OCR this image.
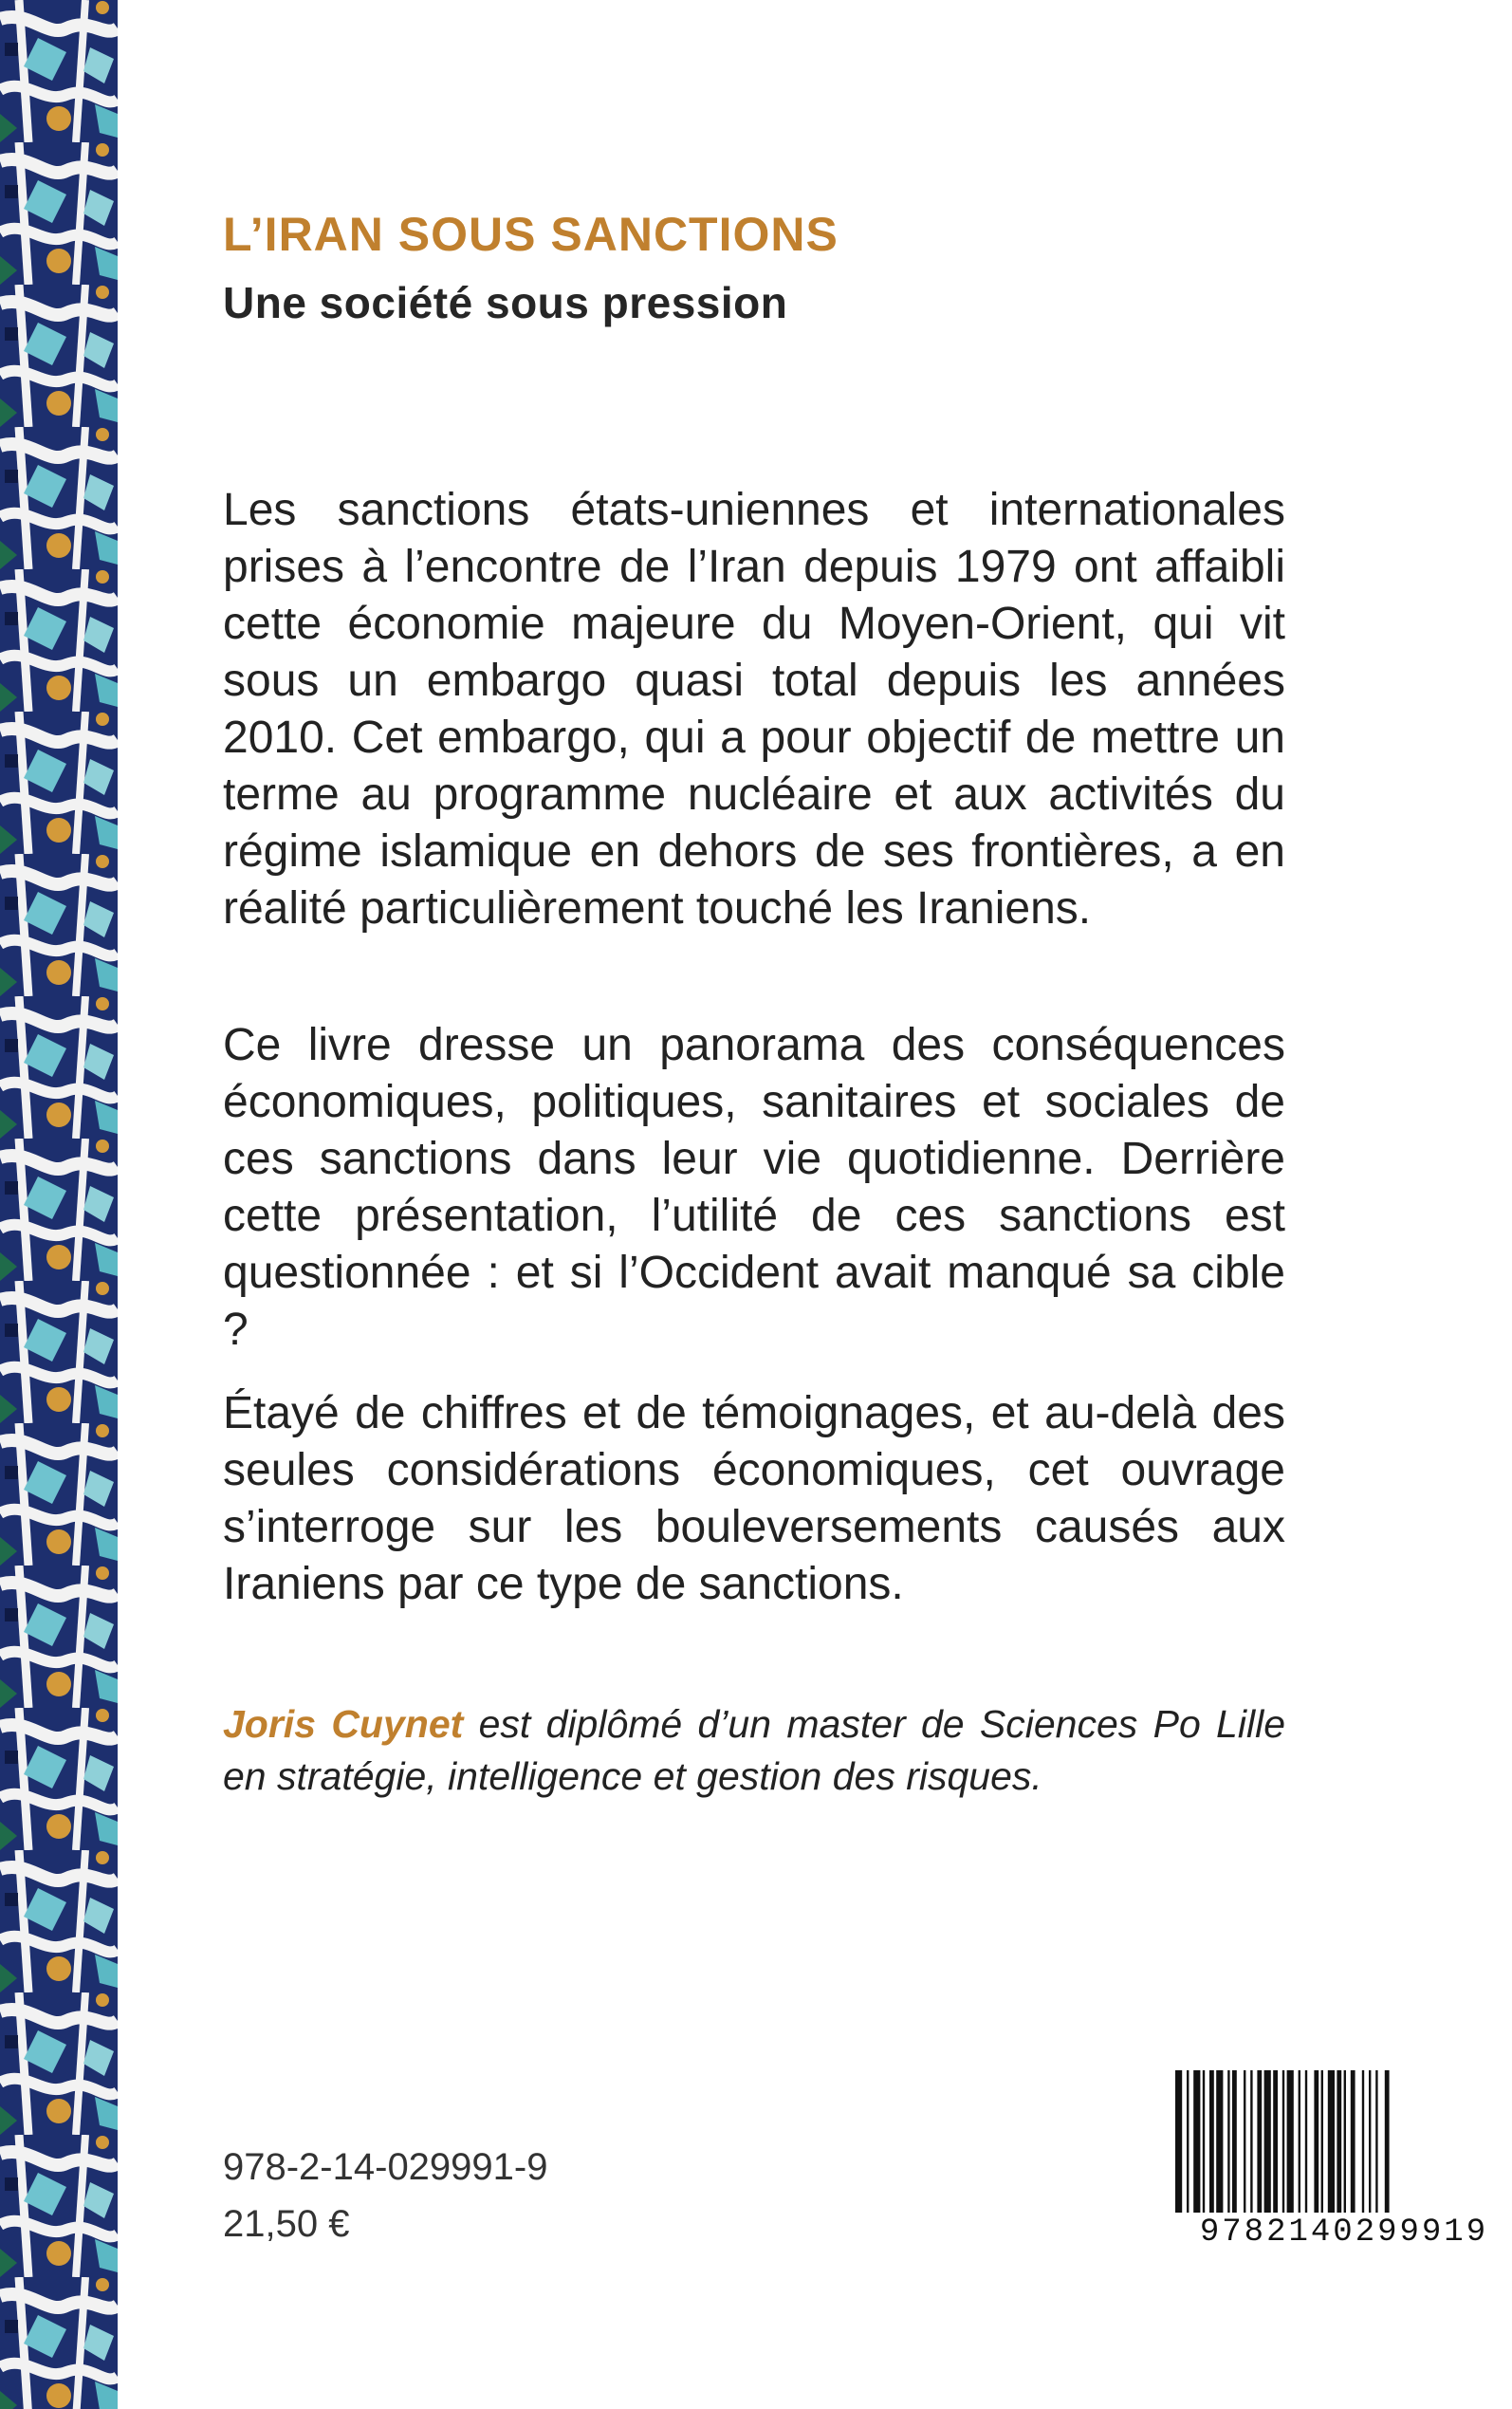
L’IRAN SOUS SANCTIONS
Une société sous pression

Les sanctions états-uniennes et internationales prises à l’encontre de l’Iran depuis 1979 ont affaibli cette économie majeure du Moyen-Orient, qui vit sous un embargo quasi total depuis les années 2010. Cet embargo, qui a pour objectif de mettre un terme au programme nucléaire et aux activités du régime islamique en dehors de ses frontières, a en réalité particulièrement touché les Iraniens.

Ce livre dresse un panorama des conséquences économiques, politiques, sanitaires et sociales de ces sanctions dans leur vie quotidienne. Derrière cette présentation, l’utilité de ces sanctions est questionnée : et si l’Occident avait manqué sa cible ?

Étayé de chiffres et de témoignages, et au-delà des seules considérations économiques, cet ouvrage s’interroge sur les bouleversements causés aux Iraniens par ce type de sanctions.

Joris Cuynet est diplômé d’un master de Sciences Po Lille en stratégie, intelligence et gestion des risques.

978-2-14-029991-9
21,50 €	9782140299919
